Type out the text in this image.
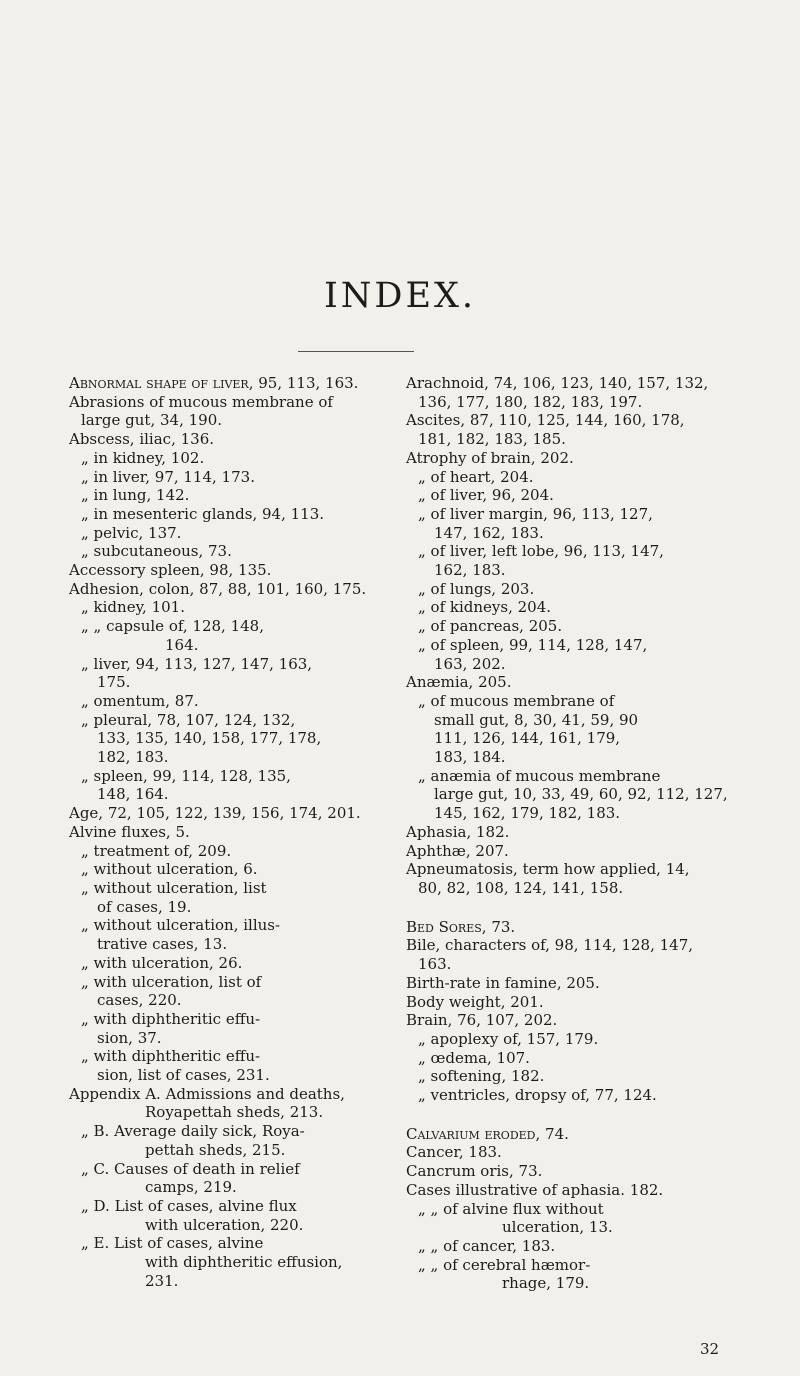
INDEX.
Abnormal shape of liver, 95, 113, 163.
Abrasions of mucous membrane of
large gut, 34, 190.
Abscess, iliac, 136.
„ in kidney, 102.
„ in liver, 97, 114, 173.
„ in lung, 142.
„ in mesenteric glands, 94, 113.
„ pelvic, 137.
„ subcutaneous, 73.
Accessory spleen, 98, 135.
Adhesion, colon, 87, 88, 101, 160, 175.
„ kidney, 101.
„ „ capsule of, 128, 148,
164.
„ liver, 94, 113, 127, 147, 163,
175.
„ omentum, 87.
„ pleural, 78, 107, 124, 132,
133, 135, 140, 158, 177, 178,
182, 183.
„ spleen, 99, 114, 128, 135,
148, 164.
Age, 72, 105, 122, 139, 156, 174, 201.
Alvine fluxes, 5.
„ treatment of, 209.
„ without ulceration, 6.
„ without ulceration, list
of cases, 19.
„ without ulceration, illus-
trative cases, 13.
„ with ulceration, 26.
„ with ulceration, list of
cases, 220.
„ with diphtheritic effu-
sion, 37.
„ with diphtheritic effu-
sion, list of cases, 231.
Appendix A. Admissions and deaths,
Royapettah sheds, 213.
„ B. Average daily sick, Roya-
pettah sheds, 215.
„ C. Causes of death in relief
camps, 219.
„ D. List of cases, alvine flux
with ulceration, 220.
„ E. List of cases, alvine
with diphtheritic effusion,
231.
Arachnoid, 74, 106, 123, 140, 157, 132,
136, 177, 180, 182, 183, 197.
Ascites, 87, 110, 125, 144, 160, 178,
181, 182, 183, 185.
Atrophy of brain, 202.
„ of heart, 204.
„ of liver, 96, 204.
„ of liver margin, 96, 113, 127,
147, 162, 183.
„ of liver, left lobe, 96, 113, 147,
162, 183.
„ of lungs, 203.
„ of kidneys, 204.
„ of pancreas, 205.
„ of spleen, 99, 114, 128, 147,
163, 202.
Anæmia, 205.
„ of mucous membrane of
small gut, 8, 30, 41, 59, 90
111, 126, 144, 161, 179,
183, 184.
„ anæmia of mucous membrane
large gut, 10, 33, 49, 60, 92, 112, 127,
145, 162, 179, 182, 183.
Aphasia, 182.
Aphthæ, 207.
Apneumatosis, term how applied, 14,
80, 82, 108, 124, 141, 158.
Bed Sores, 73.
Bile, characters of, 98, 114, 128, 147,
163.
Birth-rate in famine, 205.
Body weight, 201.
Brain, 76, 107, 202.
„ apoplexy of, 157, 179.
„ œdema, 107.
„ softening, 182.
„ ventricles, dropsy of, 77, 124.
Calvarium eroded, 74.
Cancer, 183.
Cancrum oris, 73.
Cases illustrative of aphasia. 182.
„ „ of alvine flux without
ulceration, 13.
„ „ of cancer, 183.
„ „ of cerebral hæmor-
rhage, 179.
32
